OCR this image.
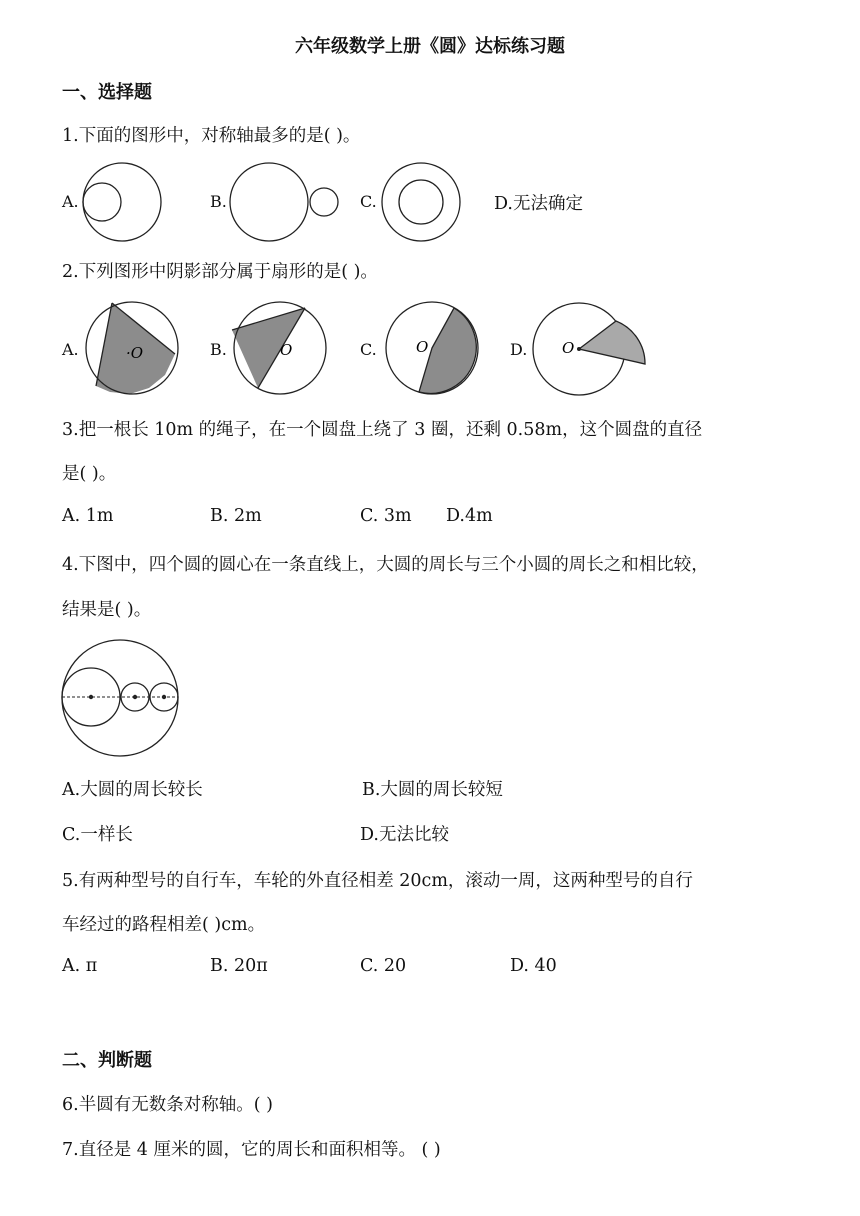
六年级数学上册《圆》达标练习题
一、选择题
1.下面的图形中，对称轴最多的是( )。
A.	B.	C.	D.无法确定
2.下列图形中阴影部分属于扇形的是( )。
A.	·O	B.	O	C.	O	D. O
3.把一根长 10m 的绳子，在一个圆盘上绕了 3 圈，还剩 0.58m，这个圆盘的直径
是( )。
A. 1m	B. 2m	C. 3m D.4m
4.下图中，四个圆的圆心在一条直线上，大圆的周长与三个小圆的周长之和相比较，
结果是( )。
A.大圆的周长较长	B.大圆的周长较短
C.一样长	D.无法比较
5.有两种型号的自行车，车轮的外直径相差 20cm，滚动一周，这两种型号的自行
车经过的路程相差( )cm。
A. π	B. 20π	C. 20	D. 40
二、判断题
6.半圆有无数条对称轴。( )
7.直径是 4 厘米的圆，它的周长和面积相等。 ( )
